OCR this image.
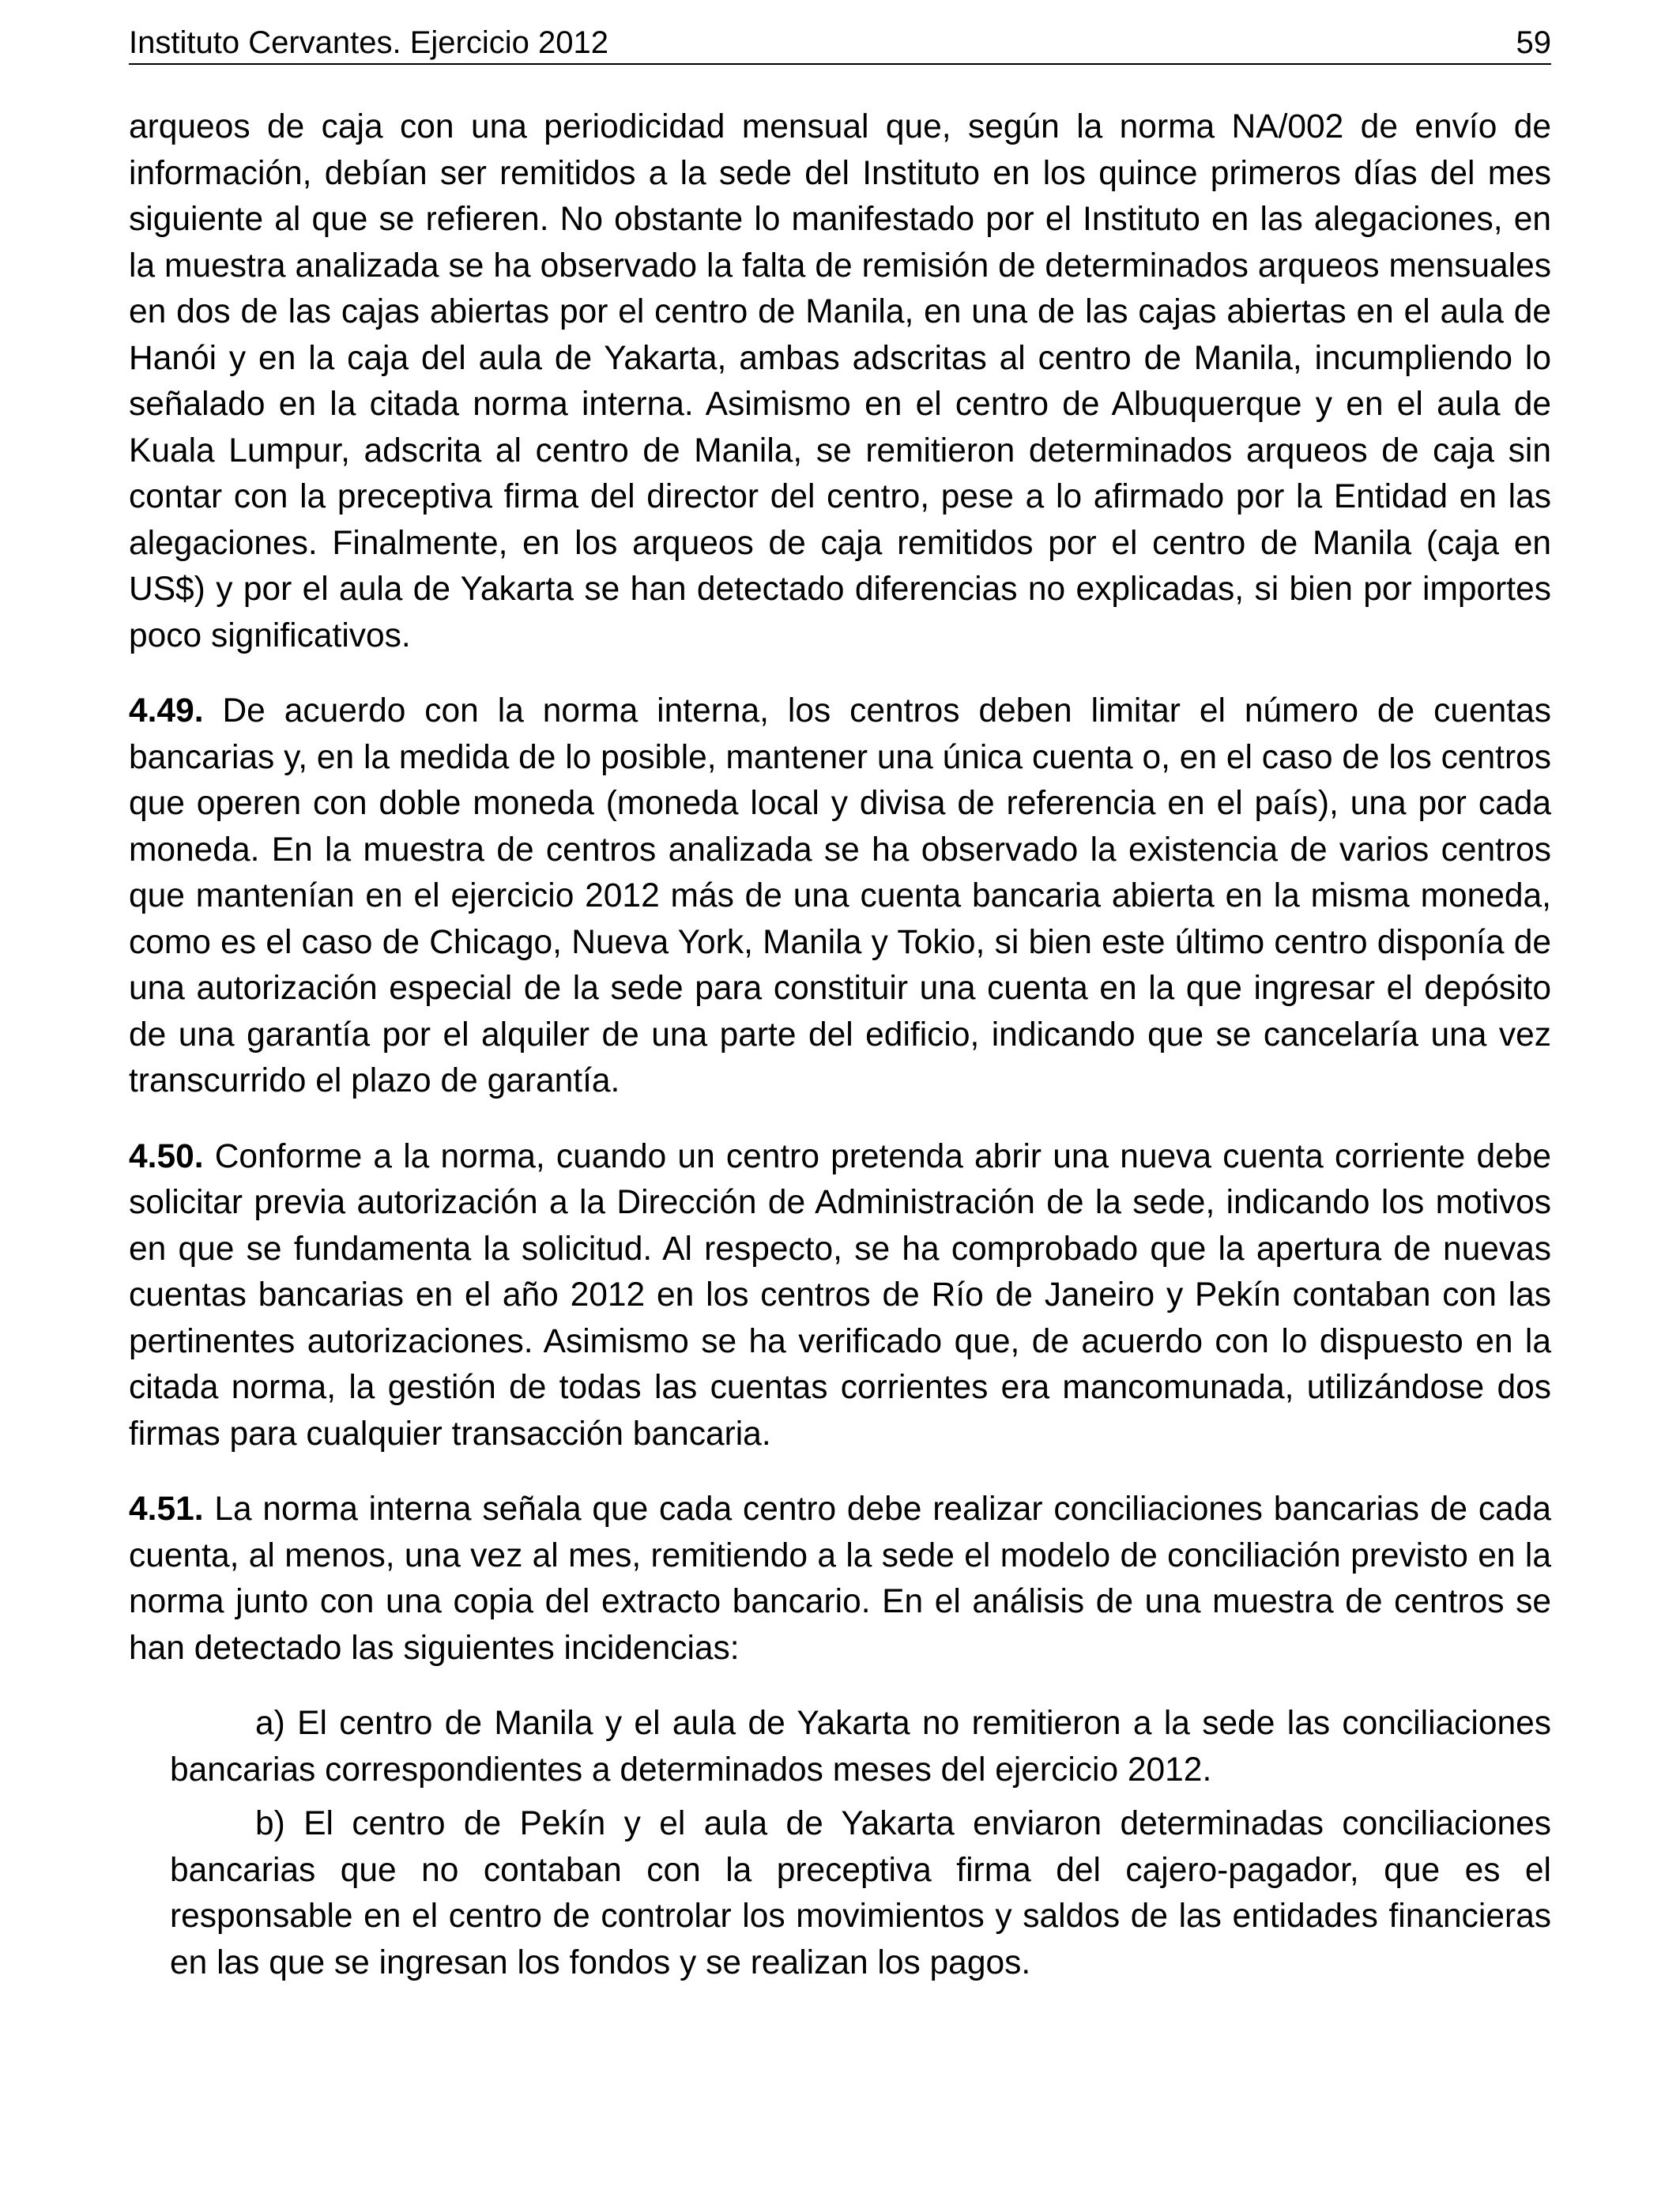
Instituto Cervantes. Ejercicio 2012	59

arqueos de caja con una periodicidad mensual que, según la norma NA/002 de envío de información, debían ser remitidos a la sede del Instituto en los quince primeros días del mes siguiente al que se refieren. No obstante lo manifestado por el Instituto en las alegaciones, en la muestra analizada se ha observado la falta de remisión de determinados arqueos mensuales en dos de las cajas abiertas por el centro de Manila, en una de las cajas abiertas en el aula de Hanói y en la caja del aula de Yakarta, ambas adscritas al centro de Manila, incumpliendo lo señalado en la citada norma interna. Asimismo en el centro de Albuquerque y en el aula de Kuala Lumpur, adscrita al centro de Manila, se remitieron determinados arqueos de caja sin contar con la preceptiva firma del director del centro, pese a lo afirmado por la Entidad en las alegaciones. Finalmente, en los arqueos de caja remitidos por el centro de Manila (caja en US$) y por el aula de Yakarta se han detectado diferencias no explicadas, si bien por importes poco significativos.

4.49. De acuerdo con la norma interna, los centros deben limitar el número de cuentas bancarias y, en la medida de lo posible, mantener una única cuenta o, en el caso de los centros que operen con doble moneda (moneda local y divisa de referencia en el país), una por cada moneda. En la muestra de centros analizada se ha observado la existencia de varios centros que mantenían en el ejercicio 2012 más de una cuenta bancaria abierta en la misma moneda, como es el caso de Chicago, Nueva York, Manila y Tokio, si bien este último centro disponía de una autorización especial de la sede para constituir una cuenta en la que ingresar el depósito de una garantía por el alquiler de una parte del edificio, indicando que se cancelaría una vez transcurrido el plazo de garantía.

4.50. Conforme a la norma, cuando un centro pretenda abrir una nueva cuenta corriente debe solicitar previa autorización a la Dirección de Administración de la sede, indicando los motivos en que se fundamenta la solicitud. Al respecto, se ha comprobado que la apertura de nuevas cuentas bancarias en el año 2012 en los centros de Río de Janeiro y Pekín contaban con las pertinentes autorizaciones. Asimismo se ha verificado que, de acuerdo con lo dispuesto en la citada norma, la gestión de todas las cuentas corrientes era mancomunada, utilizándose dos firmas para cualquier transacción bancaria.

4.51. La norma interna señala que cada centro debe realizar conciliaciones bancarias de cada cuenta, al menos, una vez al mes, remitiendo a la sede el modelo de conciliación previsto en la norma junto con una copia del extracto bancario. En el análisis de una muestra de centros se han detectado las siguientes incidencias:

a) El centro de Manila y el aula de Yakarta no remitieron a la sede las conciliaciones bancarias correspondientes a determinados meses del ejercicio 2012.

b) El centro de Pekín y el aula de Yakarta enviaron determinadas conciliaciones bancarias que no contaban con la preceptiva firma del cajero-pagador, que es el responsable en el centro de controlar los movimientos y saldos de las entidades financieras en las que se ingresan los fondos y se realizan los pagos.
